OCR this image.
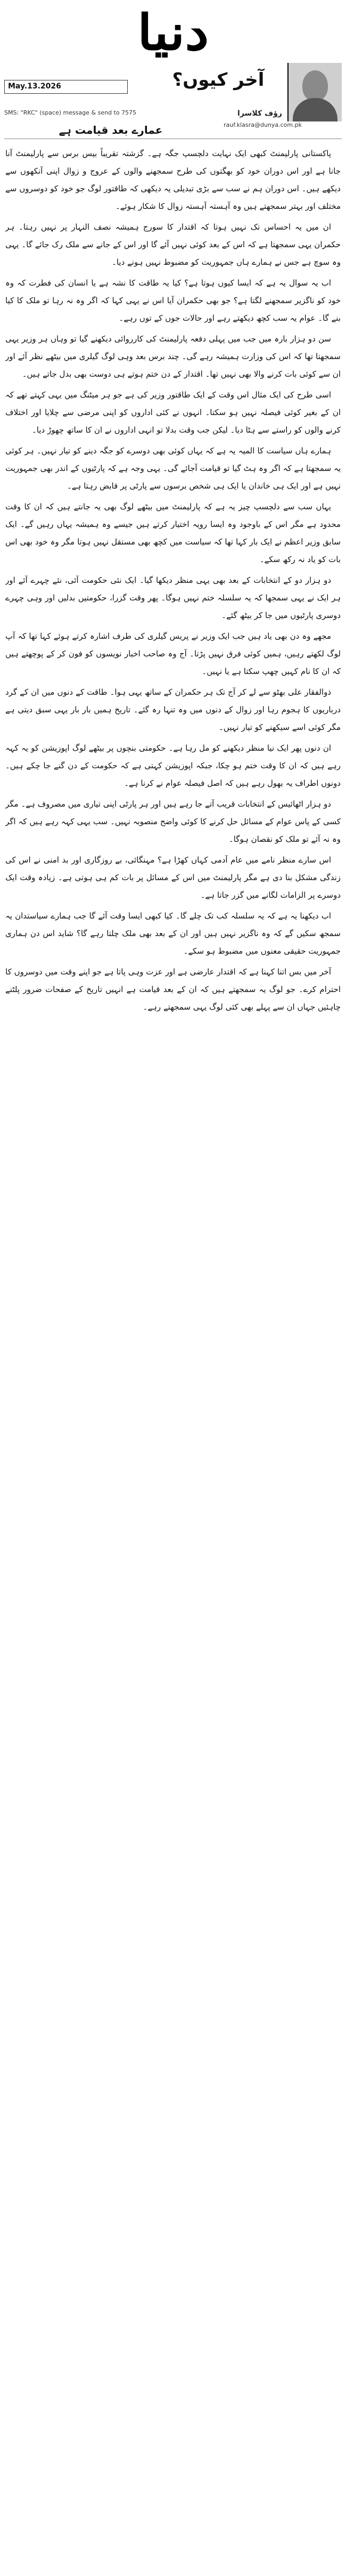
دنیا
May.13.2026	آخر کیوں؟
رؤف کلاسرا
SMS: "RKC" (space) message & send to 7575
rauf.klasra@dunya.com.pk
عمارے بعد قیامت ہے

پاکستانی پارلیمنٹ کبھی ایک نہایت دلچسپ جگہ ہے۔ گزشتہ تقریباً بیس برس سے پارلیمنٹ آنا جانا ہے اور اس دوران خود کو بھگتوں کی طرح سمجھنے والوں کے عروج و زوال اپنی آنکھوں سے دیکھے ہیں۔ اس دوران ہم نے سب سے بڑی تبدیلی یہ دیکھی کہ طاقتور لوگ جو خود کو دوسروں سے مختلف اور بہتر سمجھتے ہیں وہ آہستہ آہستہ زوال کا شکار ہوئے۔

ان میں یہ احساس تک نہیں ہوتا کہ اقتدار کا سورج ہمیشہ نصف النہار پر نہیں رہتا۔ ہر حکمران یہی سمجھتا ہے کہ اس کے بعد کوئی نہیں آئے گا اور اس کے جانے سے ملک رک جائے گا۔ یہی وہ سوچ ہے جس نے ہمارے ہاں جمہوریت کو مضبوط نہیں ہونے دیا۔

اب یہ سوال یہ ہے کہ ایسا کیوں ہوتا ہے؟ کیا یہ طاقت کا نشہ ہے یا انسان کی فطرت کہ وہ خود کو ناگزیر سمجھنے لگتا ہے؟ جو بھی حکمران آیا اس نے یہی کہا کہ اگر وہ نہ رہا تو ملک کا کیا بنے گا۔ عوام یہ سب کچھ دیکھتے رہے اور حالات جوں کے توں رہے۔

سن دو ہزار بارہ میں جب میں پہلی دفعہ پارلیمنٹ کی کارروائی دیکھنے گیا تو وہاں ہر وزیر یہی سمجھتا تھا کہ اس کی وزارت ہمیشہ رہے گی۔ چند برس بعد وہی لوگ گیلری میں بیٹھے نظر آئے اور ان سے کوئی بات کرنے والا بھی نہیں تھا۔ اقتدار کے دن ختم ہوتے ہی دوست بھی بدل جاتے ہیں۔

اسی طرح کی ایک مثال اس وقت کے ایک طاقتور وزیر کی ہے جو ہر میٹنگ میں یہی کہتے تھے کہ ان کے بغیر کوئی فیصلہ نہیں ہو سکتا۔ انہوں نے کئی اداروں کو اپنی مرضی سے چلایا اور اختلاف کرنے والوں کو راستے سے ہٹا دیا۔ لیکن جب وقت بدلا تو انہی اداروں نے ان کا ساتھ چھوڑ دیا۔

ہمارے ہاں سیاست کا المیہ یہ ہے کہ یہاں کوئی بھی دوسرے کو جگہ دینے کو تیار نہیں۔ ہر کوئی یہ سمجھتا ہے کہ اگر وہ ہٹ گیا تو قیامت آجائے گی۔ یہی وجہ ہے کہ پارٹیوں کے اندر بھی جمہوریت نہیں ہے اور ایک ہی خاندان یا ایک ہی شخص برسوں سے پارٹی پر قابض رہتا ہے۔

یہاں سب سے دلچسپ چیز یہ ہے کہ پارلیمنٹ میں بیٹھے لوگ بھی یہ جانتے ہیں کہ ان کا وقت محدود ہے مگر اس کے باوجود وہ ایسا رویہ اختیار کرتے ہیں جیسے وہ ہمیشہ یہاں رہیں گے۔ ایک سابق وزیر اعظم نے ایک بار کہا تھا کہ سیاست میں کچھ بھی مستقل نہیں ہوتا مگر وہ خود بھی اس بات کو یاد نہ رکھ سکے۔

دو ہزار دو کے انتخابات کے بعد بھی یہی منظر دیکھا گیا۔ ایک نئی حکومت آئی، نئے چہرے آئے اور ہر ایک نے یہی سمجھا کہ یہ سلسلہ ختم نہیں ہوگا۔ پھر وقت گزرا، حکومتیں بدلیں اور وہی چہرے دوسری پارٹیوں میں جا کر بیٹھ گئے۔

مجھے وہ دن بھی یاد ہیں جب ایک وزیر نے پریس گیلری کی طرف اشارہ کرتے ہوئے کہا تھا کہ آپ لوگ لکھتے رہیں، ہمیں کوئی فرق نہیں پڑتا۔ آج وہ صاحب اخبار نویسوں کو فون کر کے پوچھتے ہیں کہ ان کا نام کہیں چھپ سکتا ہے یا نہیں۔

ذوالفقار علی بھٹو سے لے کر آج تک ہر حکمران کے ساتھ یہی ہوا۔ طاقت کے دنوں میں ان کے گرد درباریوں کا ہجوم رہا اور زوال کے دنوں میں وہ تنہا رہ گئے۔ تاریخ ہمیں بار بار یہی سبق دیتی ہے مگر کوئی اسے سیکھنے کو تیار نہیں۔

ان دنوں پھر ایک نیا منظر دیکھنے کو مل رہا ہے۔ حکومتی بنچوں پر بیٹھے لوگ اپوزیشن کو یہ کہہ رہے ہیں کہ ان کا وقت ختم ہو چکا، جبکہ اپوزیشن کہتی ہے کہ حکومت کے دن گنے جا چکے ہیں۔ دونوں اطراف یہ بھول رہے ہیں کہ اصل فیصلہ عوام نے کرنا ہے۔

دو ہزار اٹھائیس کے انتخابات قریب آتے جا رہے ہیں اور ہر پارٹی اپنی تیاری میں مصروف ہے۔ مگر کسی کے پاس عوام کے مسائل حل کرنے کا کوئی واضح منصوبہ نہیں۔ سب یہی کہہ رہے ہیں کہ اگر وہ نہ آئے تو ملک کو نقصان ہوگا۔

اس سارے منظر نامے میں عام آدمی کہاں کھڑا ہے؟ مہنگائی، بے روزگاری اور بد امنی نے اس کی زندگی مشکل بنا دی ہے مگر پارلیمنٹ میں اس کے مسائل پر بات کم ہی ہوتی ہے۔ زیادہ وقت ایک دوسرے پر الزامات لگانے میں گزر جاتا ہے۔

اب دیکھنا یہ ہے کہ یہ سلسلہ کب تک چلے گا۔ کیا کبھی ایسا وقت آئے گا جب ہمارے سیاستدان یہ سمجھ سکیں گے کہ وہ ناگزیر نہیں ہیں اور ان کے بعد بھی ملک چلتا رہے گا؟ شاید اس دن ہماری جمہوریت حقیقی معنوں میں مضبوط ہو سکے۔

آخر میں بس اتنا کہنا ہے کہ اقتدار عارضی ہے اور عزت وہی پاتا ہے جو اپنے وقت میں دوسروں کا احترام کرے۔ جو لوگ یہ سمجھتے ہیں کہ ان کے بعد قیامت ہے انہیں تاریخ کے صفحات ضرور پلٹنے چاہئیں جہاں ان سے پہلے بھی کئی لوگ یہی سمجھتے رہے۔
